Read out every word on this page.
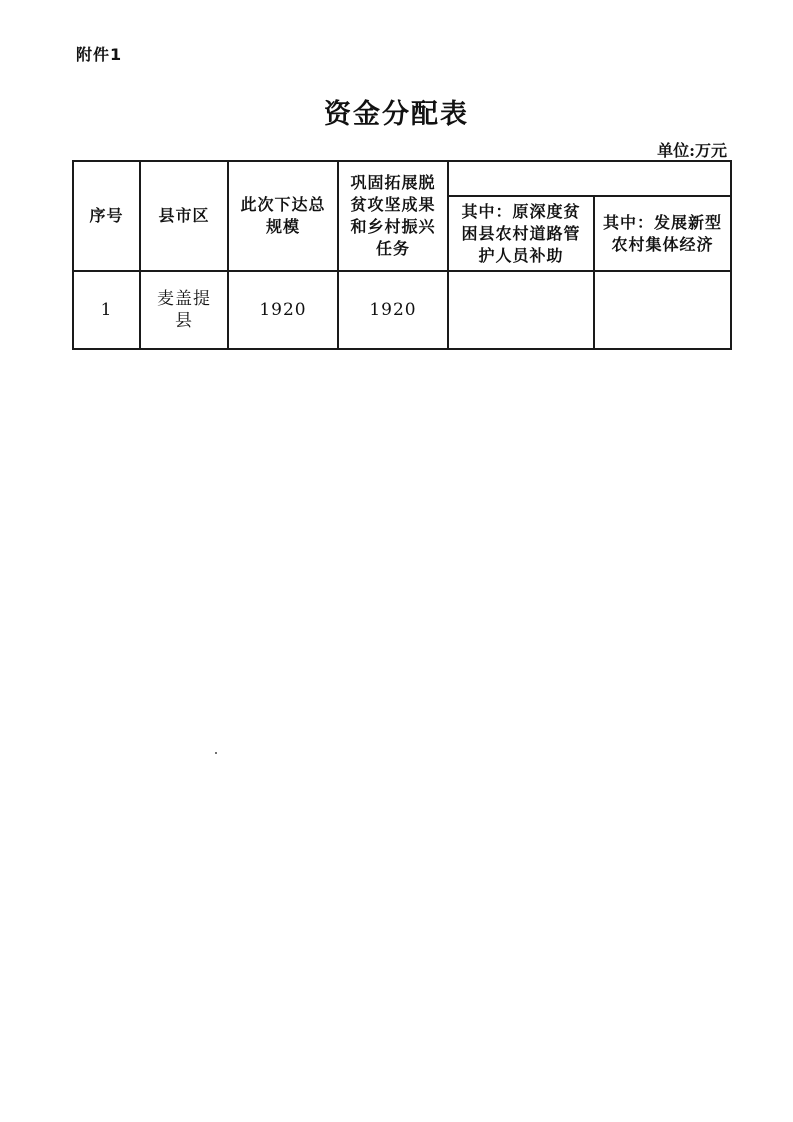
附件1
资金分配表
单位:万元
序号	县市区	此次下达总规模	巩固拓展脱贫攻坚成果和乡村振兴任务		
				其中：原深度贫困县农村道路管护人员补助	其中：发展新型农村集体经济
1	麦盖提县	1920	1920		
